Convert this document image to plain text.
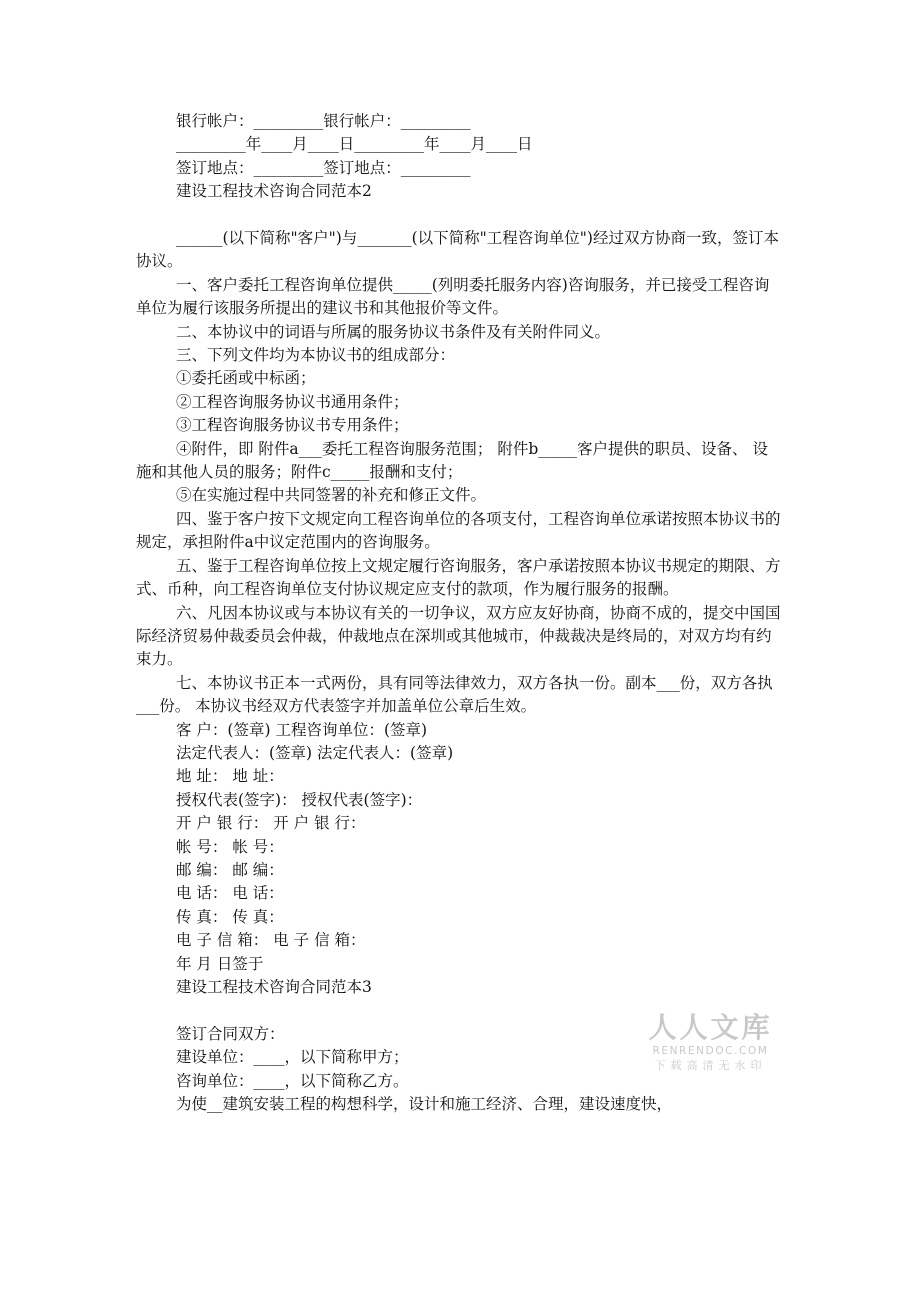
银行帐户：_________银行帐户：_________

_________年____月____日_________年____月____日

签订地点：_________签订地点：_________

建设工程技术咨询合同范本2

______(以下简称"客户")与_______(以下简称"工程咨询单位")经过双方协商一致，签订本协议。

一、客户委托工程咨询单位提供_____(列明委托服务内容)咨询服务，并已接受工程咨询单位为履行该服务所提出的建议书和其他报价等文件。

二、本协议中的词语与所属的服务协议书条件及有关附件同义。

三、下列文件均为本协议书的组成部分：

①委托函或中标函；

②工程咨询服务协议书通用条件；

③工程咨询服务协议书专用条件；

④附件，即 附件a___委托工程咨询服务范围； 附件b_____客户提供的职员、设备、 设施和其他人员的服务；附件c_____报酬和支付；

⑤在实施过程中共同签署的补充和修正文件。

四、鉴于客户按下文规定向工程咨询单位的各项支付，工程咨询单位承诺按照本协议书的规定，承担附件a中议定范围内的咨询服务。

五、鉴于工程咨询单位按上文规定履行咨询服务，客户承诺按照本协议书规定的期限、方式、币种，向工程咨询单位支付协议规定应支付的款项，作为履行服务的报酬。

六、凡因本协议或与本协议有关的一切争议，双方应友好协商，协商不成的，提交中国国际经济贸易仲裁委员会仲裁，仲裁地点在深圳或其他城市，仲裁裁决是终局的，对双方均有约束力。

七、本协议书正本一式两份，具有同等法律效力，双方各执一份。副本___份，双方各执___份。 本协议书经双方代表签字并加盖单位公章后生效。

客 户：(签章) 工程咨询单位：(签章)

法定代表人：(签章) 法定代表人：(签章)

地 址： 地 址：

授权代表(签字)： 授权代表(签字)：

开 户 银 行： 开 户 银 行：

帐 号： 帐 号：

邮 编： 邮 编：

电 话： 电 话：

传 真： 传 真：

电 子 信 箱： 电 子 信 箱：

年 月 日签于

建设工程技术咨询合同范本3

签订合同双方：

建设单位：____，以下简称甲方；

咨询单位：____，以下简称乙方。

为使__建筑安装工程的构想科学，设计和施工经济、合理，建设速度快，

人人文库
RENRENDOC.COM
下载高清无水印
